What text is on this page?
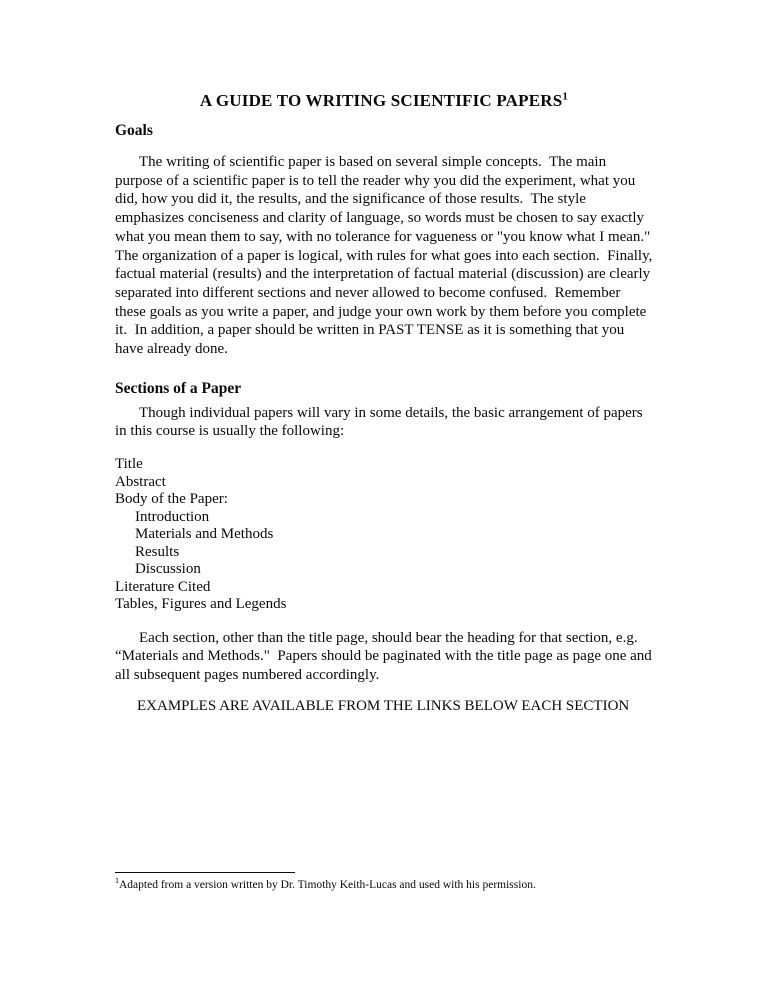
A GUIDE TO WRITING SCIENTIFIC PAPERS$^1$
Goals

The writing of scientific paper is based on several simple concepts.  The main purpose of a scientific paper is to tell the reader why you did the experiment, what you did, how you did it, the results, and the significance of those results.  The style emphasizes conciseness and clarity of language, so words must be chosen to say exactly what you mean them to say, with no tolerance for vagueness or "you know what I mean." The organization of a paper is logical, with rules for what goes into each section.  Finally, factual material (results) and the interpretation of factual material (discussion) are clearly separated into different sections and never allowed to become confused.  Remember these goals as you write a paper, and judge your own work by them before you complete it.  In addition, a paper should be written in PAST TENSE as it is something that you have already done.

Sections of a Paper

Though individual papers will vary in some details, the basic arrangement of papers in this course is usually the following:

Title
Abstract
Body of the Paper:
Introduction
Materials and Methods
Results
Discussion
Literature Cited
Tables, Figures and Legends

Each section, other than the title page, should bear the heading for that section, e.g. “Materials and Methods."  Papers should be paginated with the title page as page one and all subsequent pages numbered accordingly.

EXAMPLES ARE AVAILABLE FROM THE LINKS BELOW EACH SECTION

$^1$Adapted from a version written by Dr. Timothy Keith-Lucas and used with his permission.
